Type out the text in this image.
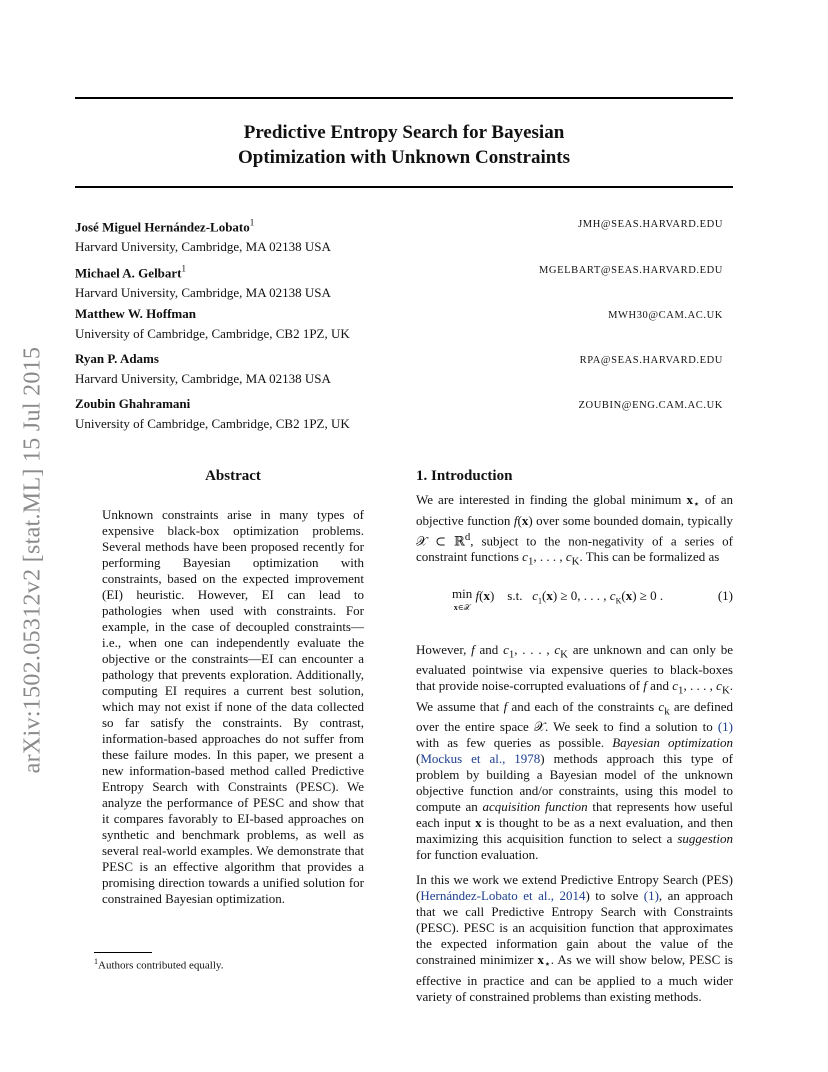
Predictive Entropy Search for Bayesian
Optimization with Unknown Constraints
arXiv:1502.05312v2 [stat.ML] 15 Jul 2015
José Miguel Hernández-Lobato$^1$
Harvard University, Cambridge, MA 02138 USA
JMH@SEAS.HARVARD.EDU
Michael A. Gelbart$^1$
Harvard University, Cambridge, MA 02138 USA
MGELBART@SEAS.HARVARD.EDU
Matthew W. Hoffman
University of Cambridge, Cambridge, CB2 1PZ, UK
MWH30@CAM.AC.UK
Ryan P. Adams
Harvard University, Cambridge, MA 02138 USA
RPA@SEAS.HARVARD.EDU
Zoubin Ghahramani
University of Cambridge, Cambridge, CB2 1PZ, UK
ZOUBIN@ENG.CAM.AC.UK
Abstract

Unknown constraints arise in many types of expensive black-box optimization problems. Several methods have been proposed recently for performing Bayesian optimization with constraints, based on the expected improvement (EI) heuristic. However, EI can lead to pathologies when used with constraints. For example, in the case of decoupled constraints—i.e., when one can independently evaluate the objective or the constraints—EI can encounter a pathology that prevents exploration. Additionally, computing EI requires a current best solution, which may not exist if none of the data collected so far satisfy the constraints. By contrast, information-based approaches do not suffer from these failure modes. In this paper, we present a new information-based method called Predictive Entropy Search with Constraints (PESC). We analyze the performance of PESC and show that it compares favorably to EI-based approaches on synthetic and benchmark problems, as well as several real-world examples. We demonstrate that PESC is an effective algorithm that provides a promising direction towards a unified solution for constrained Bayesian optimization.

$^1$Authors contributed equally.
1. Introduction

We are interested in finding the global minimum $x_⋆$ of an objective function f(x) over some bounded domain, typically 𝒳 ⊂ ℝ$^d$, subject to the non-negativity of a series of constraint functions $c_1$, . . . , $c_K$. This can be formalized as

min
x∈𝒳 f(x)    s.t.   $c_1(x) \ge 0$, . . . , $c_K(x) \ge 0$ .	(1)

However, f and $c_1$, . . . , $c_K$ are unknown and can only be evaluated pointwise via expensive queries to black-boxes that provide noise-corrupted evaluations of f and $c_1$, . . . , $c_K$. We assume that f and each of the constraints $c_k$ are defined over the entire space 𝒳. We seek to find a solution to (1) with as few queries as possible. Bayesian optimization (Mockus et al., 1978) methods approach this type of problem by building a Bayesian model of the unknown objective function and/or constraints, using this model to compute an acquisition function that represents how useful each input x is thought to be as a next evaluation, and then maximizing this acquisition function to select a suggestion for function evaluation.

In this we work we extend Predictive Entropy Search (PES) (Hernández-Lobato et al., 2014) to solve (1), an approach that we call Predictive Entropy Search with Constraints (PESC). PESC is an acquisition function that approximates the expected information gain about the value of the constrained minimizer $x_⋆$. As we will show below, PESC is effective in practice and can be applied to a much wider variety of constrained problems than existing methods.
